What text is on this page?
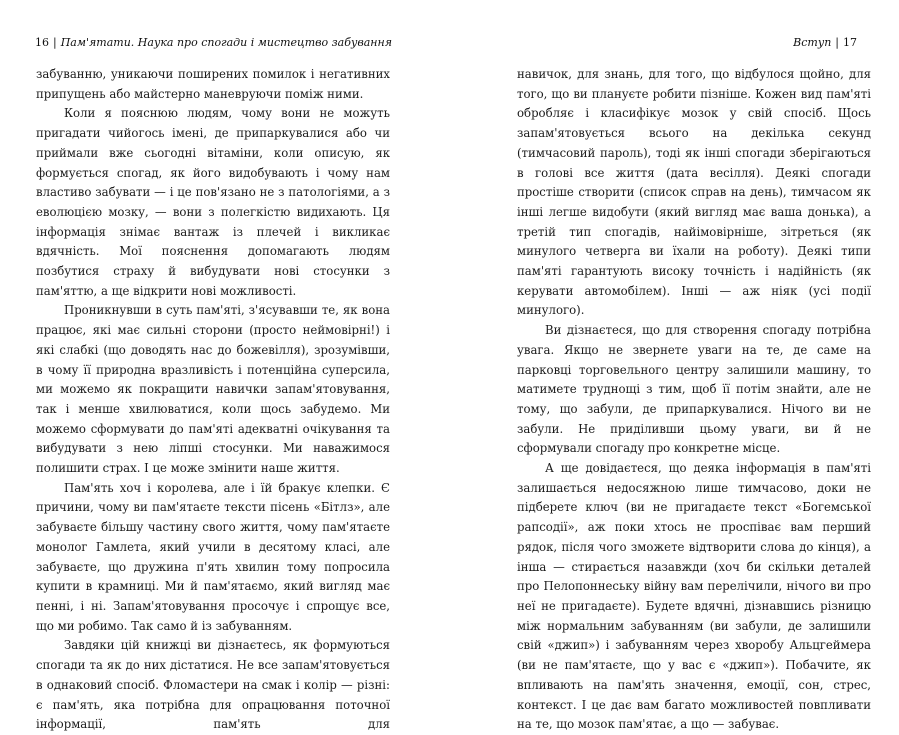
16 | Пам'ятати. Наука про спогади і мистецтво забування

забуванню, уникаючи поширених помилок і негативних припущень або майстерно маневруючи поміж ними.

Коли я пояснюю людям, чому вони не можуть пригадати чийогось імені, де припаркувалися або чи приймали вже сьогодні вітаміни, коли описую, як формується спогад, як його видобувають і чому нам властиво забувати — і це пов'язано не з патологіями, а з еволюцією мозку, — вони з полегкістю видихають. Ця інформація знімає вантаж із плечей і викликає вдячність. Мої пояснення допомагають людям позбутися страху й вибудувати нові стосунки з пам'яттю, а ще відкрити нові можливості.

Проникнувши в суть пам'яті, з'ясувавши те, як вона працює, які має сильні сторони (просто неймовірні!) і які слабкі (що доводять нас до божевілля), зрозумівши, в чому її природна вразливість і потенційна суперсила, ми можемо як покращити навички запам'ятовування, так і менше хвилюватися, коли щось забудемо. Ми можемо сформувати до пам'яті адекватні очікування та вибудувати з нею ліпші стосунки. Ми наважимося полишити страх. І це може змінити наше життя.

Пам'ять хоч і королева, але і їй бракує клепки. Є причини, чому ви пам'ятаєте тексти пісень «Бітлз», але забуваєте більшу частину свого життя, чому пам'ятаєте монолог Гамлета, який учили в десятому класі, але забуваєте, що дружина п'ять хвилин тому попросила купити в крамниці. Ми й пам'ятаємо, який вигляд має пенні, і ні. Запам'ятовування просочує і спрощує все, що ми робимо. Так само й із забуванням.

Завдяки цій книжці ви дізнаєтесь, як формуються спогади та як до них дістатися. Не все запам'ятовується в однаковий спосіб. Фломастери на смак і колір — різні: є пам'ять, яка потрібна для опрацювання поточної інформації, пам'ять для

Вступ | 17

навичок, для знань, для того, що відбулося щойно, для того, що ви плануєте робити пізніше. Кожен вид пам'яті обробляє і класифікує мозок у свій спосіб. Щось запам'ятовується всього на декілька секунд (тимчасовий пароль), тоді як інші спогади зберігаються в голові все життя (дата весілля). Деякі спогади простіше створити (список справ на день), тимчасом як інші легше видобути (який вигляд має ваша донька), а третій тип спогадів, найімовірніше, зітреться (як минулого четверга ви їхали на роботу). Деякі типи пам'яті гарантують високу точність і надійність (як керувати автомобілем). Інші — аж ніяк (усі події минулого).

Ви дізнаєтеся, що для створення спогаду потрібна увага. Якщо не звернете уваги на те, де саме на парковці торговельного центру залишили машину, то матимете труднощі з тим, щоб її потім знайти, але не тому, що забули, де припаркувалися. Нічого ви не забули. Не приділивши цьому уваги, ви й не сформували спогаду про конкретне місце.

А ще довідаєтеся, що деяка інформація в пам'яті залишається недосяжною лише тимчасово, доки не підберете ключ (ви не пригадаєте текст «Богемської рапсодії», аж поки хтось не проспіває вам перший рядок, після чого зможете відтворити слова до кінця), а інша — стирається назавжди (хоч би скільки деталей про Пелопоннеську війну вам перелічили, нічого ви про неї не пригадаєте). Будете вдячні, дізнавшись різницю між нормальним забуванням (ви забули, де залишили свій «джип») і забуванням через хворобу Альцгеймера (ви не пам'ятаєте, що у вас є «джип»). Побачите, як впливають на пам'ять значення, емоції, сон, стрес, контекст. І це дає вам багато можливостей повпливати на те, що мозок пам'ятає, а що — забуває.
